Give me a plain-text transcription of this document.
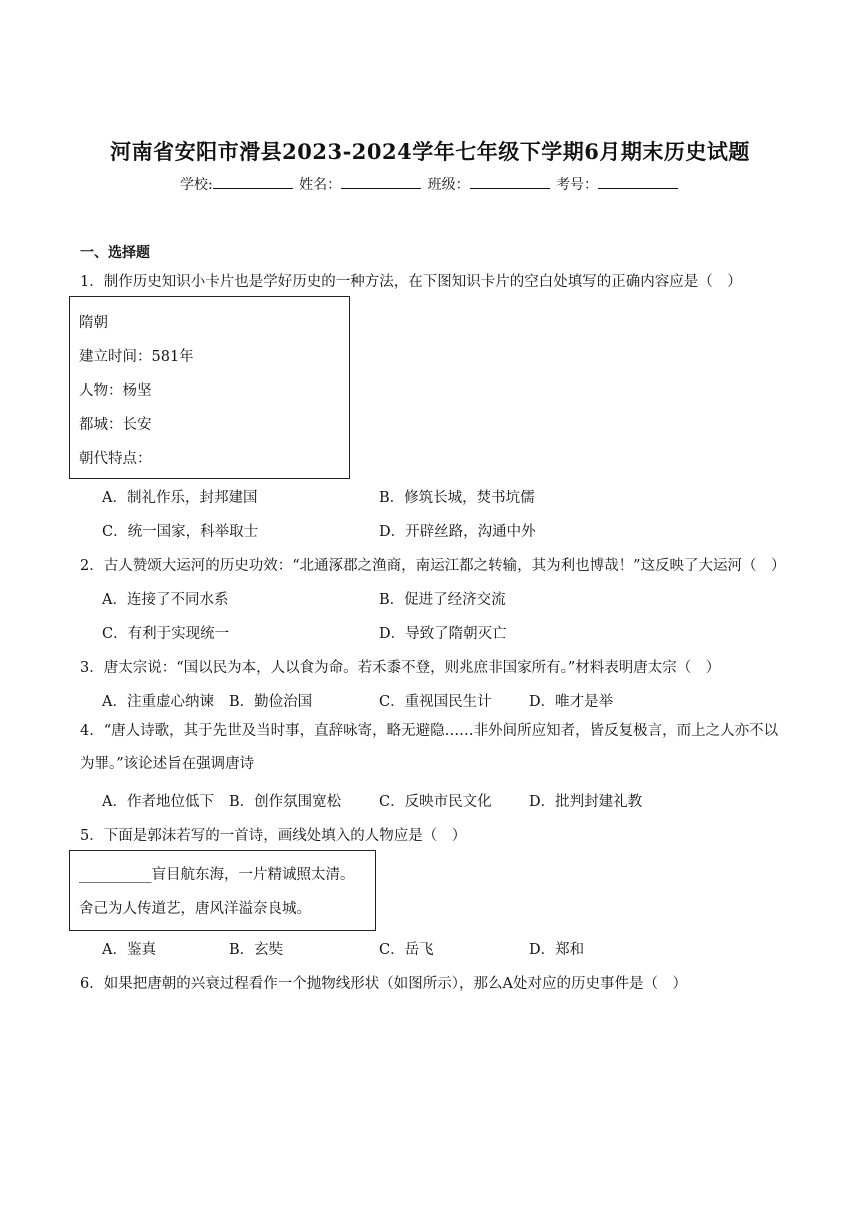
河南省安阳市滑县2023-2024学年七年级下学期6月期末历史试题
学校:	姓名：	班级：	考号：
一、选择题
1．制作历史知识小卡片也是学好历史的一种方法，在下图知识卡片的空白处填写的正确内容应是（　）

隋朝

建立时间：581年

人物：杨坚

都城：长安

朝代特点：

A．制礼作乐，封邦建国	B．修筑长城，焚书坑儒
C．统一国家，科举取士	D．开辟丝路，沟通中外
2．古人赞颂大运河的历史功效：“北通涿郡之渔商，南运江都之转输，其为利也博哉！”这反映了大运河（　）
A．连接了不同水系	B．促进了经济交流
C．有利于实现统一	D．导致了隋朝灭亡
3．唐太宗说：“国以民为本，人以食为命。若禾黍不登，则兆庶非国家所有。”材料表明唐太宗（　）
A．注重虚心纳谏 B．勤俭治国	C．重视国民生计	D．唯才是举
4．“唐人诗歌，其于先世及当时事，直辞咏寄，略无避隐……非外间所应知者，皆反复极言，而上之人亦不以为罪。”该论述旨在强调唐诗
A．作者地位低下 B．创作氛围宽松	C．反映市民文化	D．批判封建礼教
5．下面是郭沫若写的一首诗，画线处填入的人物应是（　）

__________盲目航东海，一片精诚照太清。

舍己为人传道艺，唐风洋溢奈良城。

A．鉴真	B．玄奘	C．岳飞	D．郑和
6．如果把唐朝的兴衰过程看作一个抛物线形状（如图所示），那么A处对应的历史事件是（　）
